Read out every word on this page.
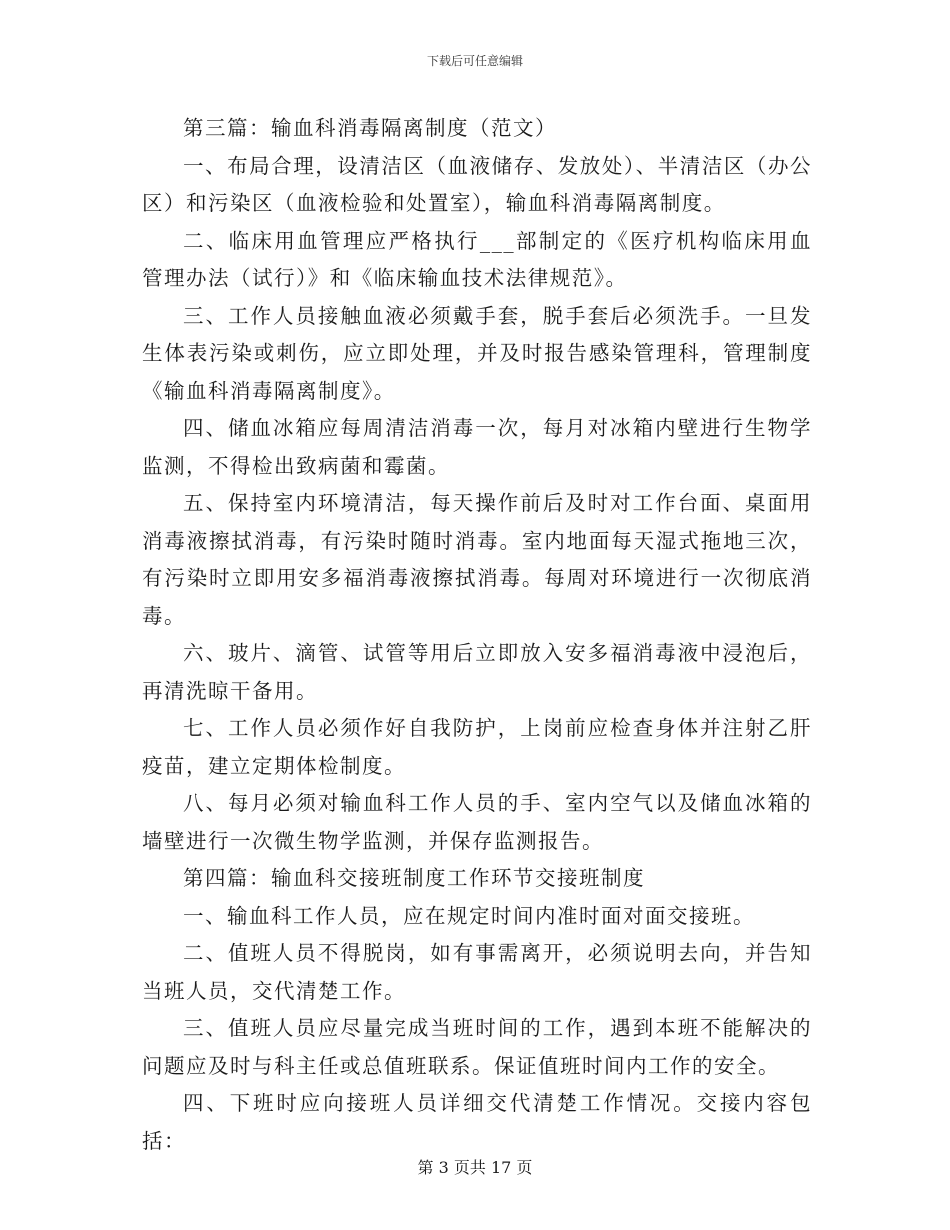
下载后可任意编辑

第三篇：输血科消毒隔离制度（范文）

一、布局合理，设清洁区（血液储存、发放处）、半清洁区（办公区）和污染区（血液检验和处置室），输血科消毒隔离制度。

二、临床用血管理应严格执行___部制定的《医疗机构临床用血管理办法（试行）》和《临床输血技术法律规范》。

三、工作人员接触血液必须戴手套，脱手套后必须洗手。一旦发生体表污染或刺伤，应立即处理，并及时报告感染管理科，管理制度《输血科消毒隔离制度》。

四、储血冰箱应每周清洁消毒一次，每月对冰箱内壁进行生物学监测，不得检出致病菌和霉菌。

五、保持室内环境清洁，每天操作前后及时对工作台面、桌面用消毒液擦拭消毒，有污染时随时消毒。室内地面每天湿式拖地三次，有污染时立即用安多福消毒液擦拭消毒。每周对环境进行一次彻底消毒。

六、玻片、滴管、试管等用后立即放入安多福消毒液中浸泡后，再清洗晾干备用。

七、工作人员必须作好自我防护，上岗前应检查身体并注射乙肝疫苗，建立定期体检制度。

八、每月必须对输血科工作人员的手、室内空气以及储血冰箱的墙壁进行一次微生物学监测，并保存监测报告。

第四篇：输血科交接班制度工作环节交接班制度

一、输血科工作人员，应在规定时间内准时面对面交接班。

二、值班人员不得脱岗，如有事需离开，必须说明去向，并告知当班人员，交代清楚工作。

三、值班人员应尽量完成当班时间的工作，遇到本班不能解决的问题应及时与科主任或总值班联系。保证值班时间内工作的安全。

四、下班时应向接班人员详细交代清楚工作情况。交接内容包括：

第 3 页共 17 页
